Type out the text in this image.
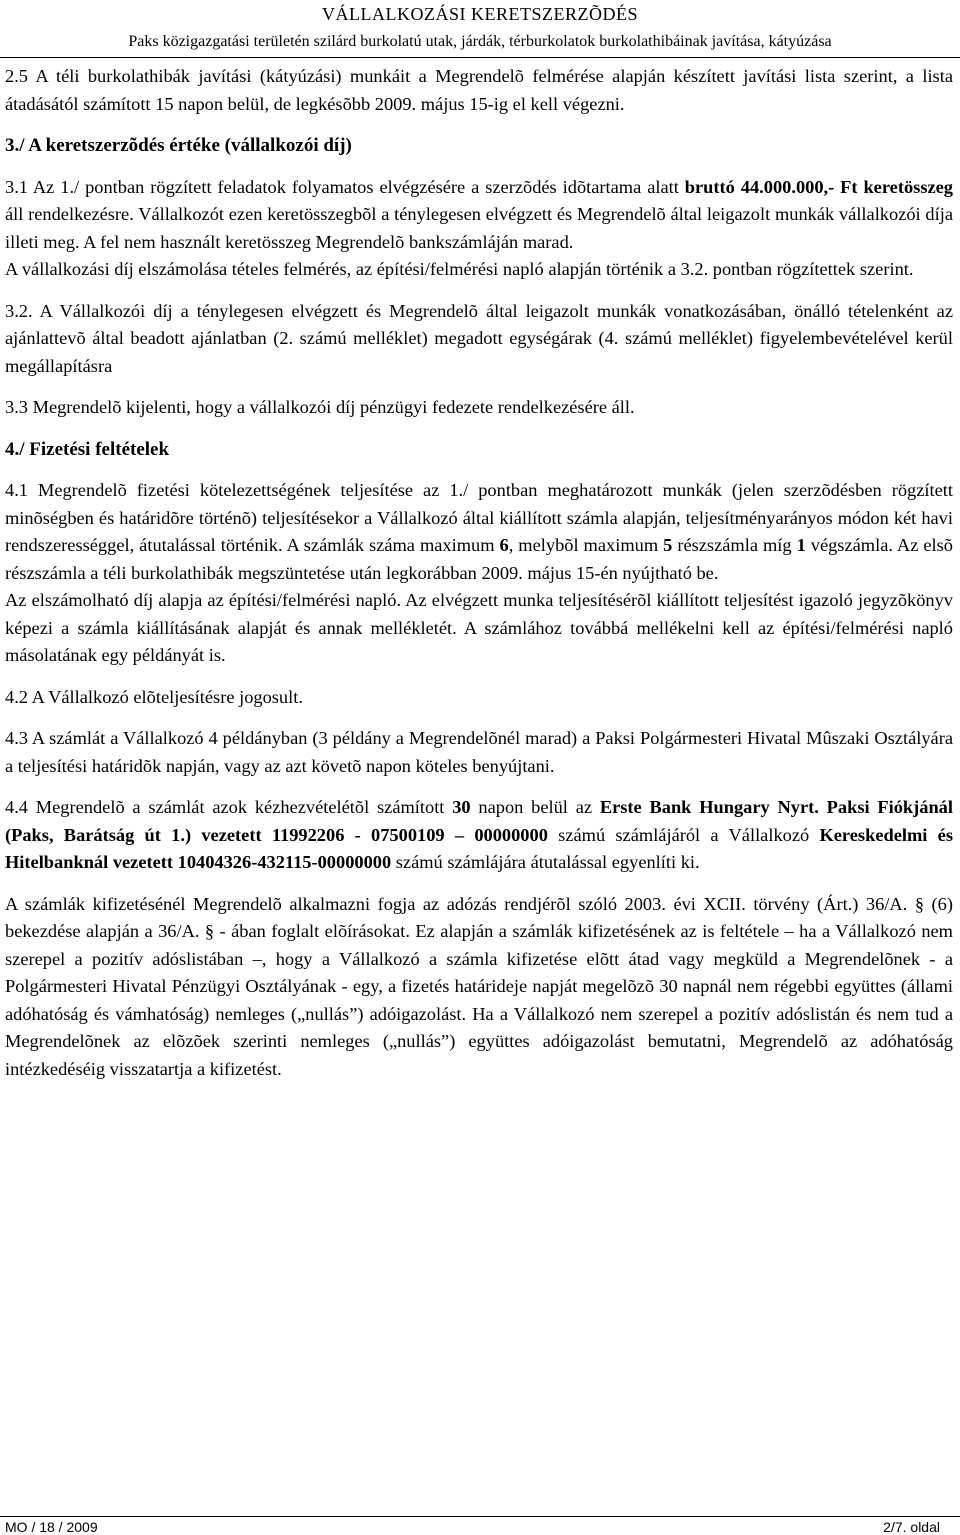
VÁLLALKOZÁSI KERETSZERZÕDÉS
Paks közigazgatási területén szilárd burkolatú utak, járdák, térburkolatok burkolathibáinak javítása, kátyúzása

2.5 A téli burkolathibák javítási (kátyúzási) munkáit a Megrendelõ felmérése alapján készített javítási lista szerint, a lista átadásától számított 15 napon belül, de legkésõbb 2009. május 15-ig el kell végezni.

3./ A keretszerzõdés értéke (vállalkozói díj)

3.1 Az 1./ pontban rögzített feladatok folyamatos elvégzésére a szerzõdés idõtartama alatt bruttó 44.000.000,- Ft keretösszeg áll rendelkezésre. Vállalkozót ezen keretösszegbõl a ténylegesen elvégzett és Megrendelõ által leigazolt munkák vállalkozói díja illeti meg. A fel nem használt keretösszeg Megrendelõ bankszámláján marad.

A vállalkozási díj elszámolása tételes felmérés, az építési/felmérési napló alapján történik a 3.2. pontban rögzítettek szerint.

3.2. A Vállalkozói díj a ténylegesen elvégzett és Megrendelõ által leigazolt munkák vonatkozásában, önálló tételenként az ajánlattevõ által beadott ajánlatban (2. számú melléklet) megadott egységárak (4. számú melléklet) figyelembevételével kerül megállapításra

3.3 Megrendelõ kijelenti, hogy a vállalkozói díj pénzügyi fedezete rendelkezésére áll.

4./ Fizetési feltételek

4.1 Megrendelõ fizetési kötelezettségének teljesítése az 1./ pontban meghatározott munkák (jelen szerzõdésben rögzített minõségben és határidõre történõ) teljesítésekor a Vállalkozó által kiállított számla alapján, teljesítményarányos módon két havi rendszerességgel, átutalással történik. A számlák száma maximum 6, melybõl maximum 5 részszámla míg 1 végszámla. Az elsõ részszámla a téli burkolathibák megszüntetése után legkorábban 2009. május 15-én nyújtható be.

Az elszámolható díj alapja az építési/felmérési napló. Az elvégzett munka teljesítésérõl kiállított teljesítést igazoló jegyzõkönyv képezi a számla kiállításának alapját és annak mellékletét. A számlához továbbá mellékelni kell az építési/felmérési napló másolatának egy példányát is.

4.2 A Vállalkozó elõteljesítésre jogosult.

4.3 A számlát a Vállalkozó 4 példányban (3 példány a Megrendelõnél marad) a Paksi Polgármesteri Hivatal Mûszaki Osztályára a teljesítési határidõk napján, vagy az azt követõ napon köteles benyújtani.

4.4 Megrendelõ a számlát azok kézhezvételétõl számított 30 napon belül az Erste Bank Hungary Nyrt. Paksi Fiókjánál (Paks, Barátság út 1.) vezetett 11992206 - 07500109 – 00000000 számú számlájáról a Vállalkozó Kereskedelmi és Hitelbanknál vezetett 10404326-432115-00000000 számú számlájára átutalással egyenlíti ki.

A számlák kifizetésénél Megrendelõ alkalmazni fogja az adózás rendjérõl szóló 2003. évi XCII. törvény (Árt.) 36/A. § (6) bekezdése alapján a 36/A. § - ában foglalt elõírásokat. Ez alapján a számlák kifizetésének az is feltétele – ha a Vállalkozó nem szerepel a pozitív adóslistában –, hogy a Vállalkozó a számla kifizetése elõtt átad vagy megküld a Megrendelõnek - a Polgármesteri Hivatal Pénzügyi Osztályának - egy, a fizetés határideje napját megelõzõ 30 napnál nem régebbi együttes (állami adóhatóság és vámhatóság) nemleges („nullás”) adóigazolást. Ha a Vállalkozó nem szerepel a pozitív adóslistán és nem tud a Megrendelõnek az elõzõek szerinti nemleges („nullás”) együttes adóigazolást bemutatni, Megrendelõ az adóhatóság intézkedéséig visszatartja a kifizetést.

MO / 18 / 2009	2/7. oldal
